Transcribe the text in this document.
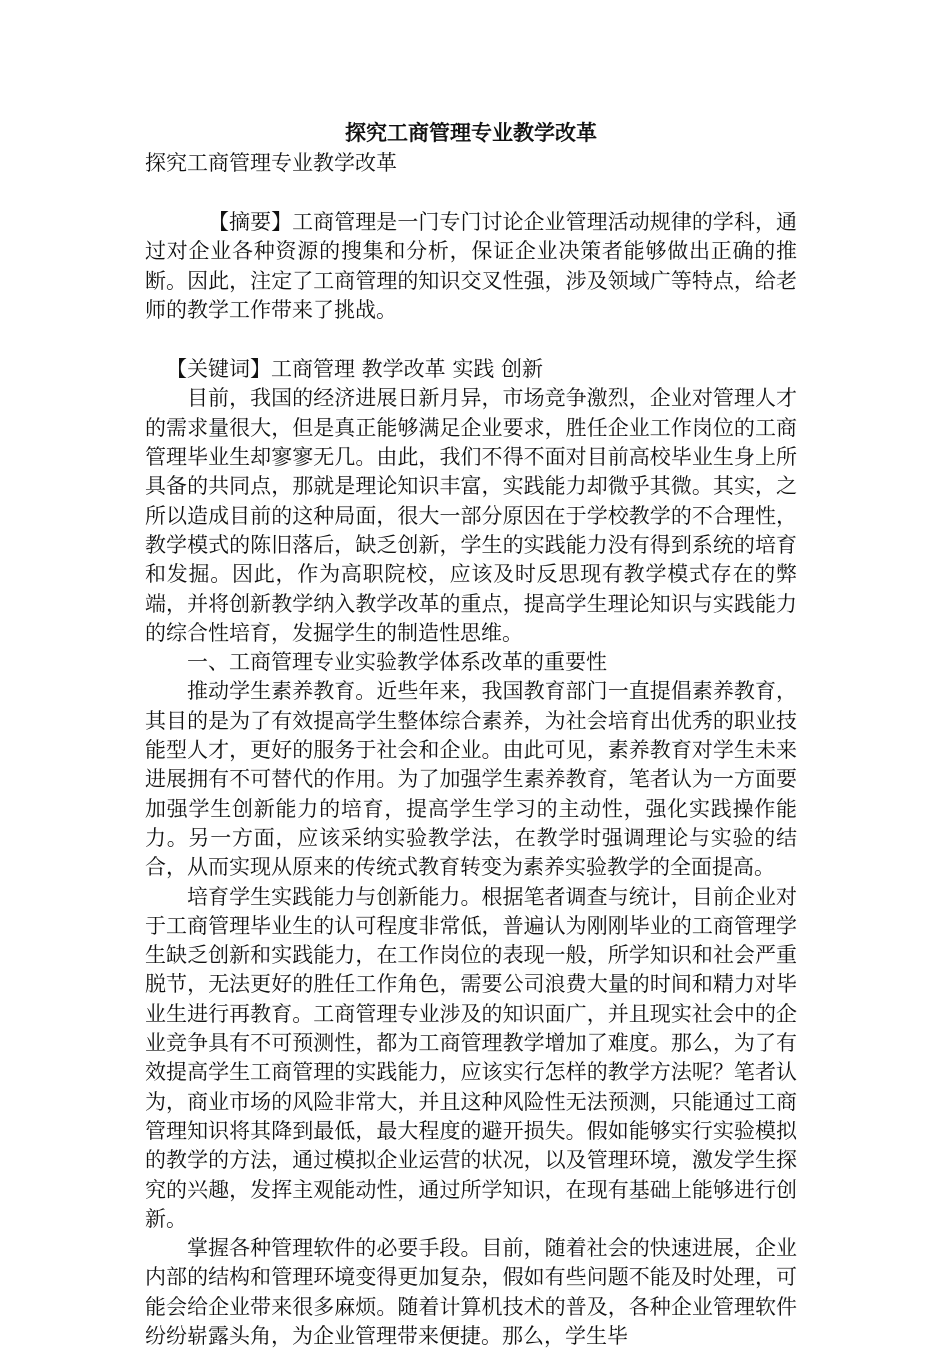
探究工商管理专业教学改革

探究工商管理专业教学改革

【摘要】工商管理是一门专门讨论企业管理活动规律的学科，通过对企业各种资源的搜集和分析，保证企业决策者能够做出正确的推断。因此，注定了工商管理的知识交叉性强，涉及领域广等特点，给老师的教学工作带来了挑战。

【关键词】工商管理 教学改革 实践 创新

目前，我国的经济进展日新月异，市场竞争激烈，企业对管理人才的需求量很大，但是真正能够满足企业要求，胜任企业工作岗位的工商管理毕业生却寥寥无几。由此，我们不得不面对目前高校毕业生身上所具备的共同点，那就是理论知识丰富，实践能力却微乎其微。其实，之所以造成目前的这种局面，很大一部分原因在于学校教学的不合理性，教学模式的陈旧落后，缺乏创新，学生的实践能力没有得到系统的培育和发掘。因此，作为高职院校，应该及时反思现有教学模式存在的弊端，并将创新教学纳入教学改革的重点，提高学生理论知识与实践能力的综合性培育，发掘学生的制造性思维。

一、工商管理专业实验教学体系改革的重要性

推动学生素养教育。近些年来，我国教育部门一直提倡素养教育，其目的是为了有效提高学生整体综合素养，为社会培育出优秀的职业技能型人才，更好的服务于社会和企业。由此可见，素养教育对学生未来进展拥有不可替代的作用。为了加强学生素养教育，笔者认为一方面要加强学生创新能力的培育，提高学生学习的主动性，强化实践操作能力。另一方面，应该采纳实验教学法，在教学时强调理论与实验的结合，从而实现从原来的传统式教育转变为素养实验教学的全面提高。

培育学生实践能力与创新能力。根据笔者调查与统计，目前企业对于工商管理毕业生的认可程度非常低，普遍认为刚刚毕业的工商管理学生缺乏创新和实践能力，在工作岗位的表现一般，所学知识和社会严重脱节，无法更好的胜任工作角色，需要公司浪费大量的时间和精力对毕业生进行再教育。工商管理专业涉及的知识面广，并且现实社会中的企业竞争具有不可预测性，都为工商管理教学增加了难度。那么，为了有效提高学生工商管理的实践能力，应该实行怎样的教学方法呢？笔者认为，商业市场的风险非常大，并且这种风险性无法预测，只能通过工商管理知识将其降到最低，最大程度的避开损失。假如能够实行实验模拟的教学的方法，通过模拟企业运营的状况，以及管理环境，激发学生探究的兴趣，发挥主观能动性，通过所学知识，在现有基础上能够进行创新。

掌握各种管理软件的必要手段。目前，随着社会的快速进展，企业内部的结构和管理环境变得更加复杂，假如有些问题不能及时处理，可能会给企业带来很多麻烦。随着计算机技术的普及，各种企业管理软件纷纷崭露头角，为企业管理带来便捷。那么，学生毕
